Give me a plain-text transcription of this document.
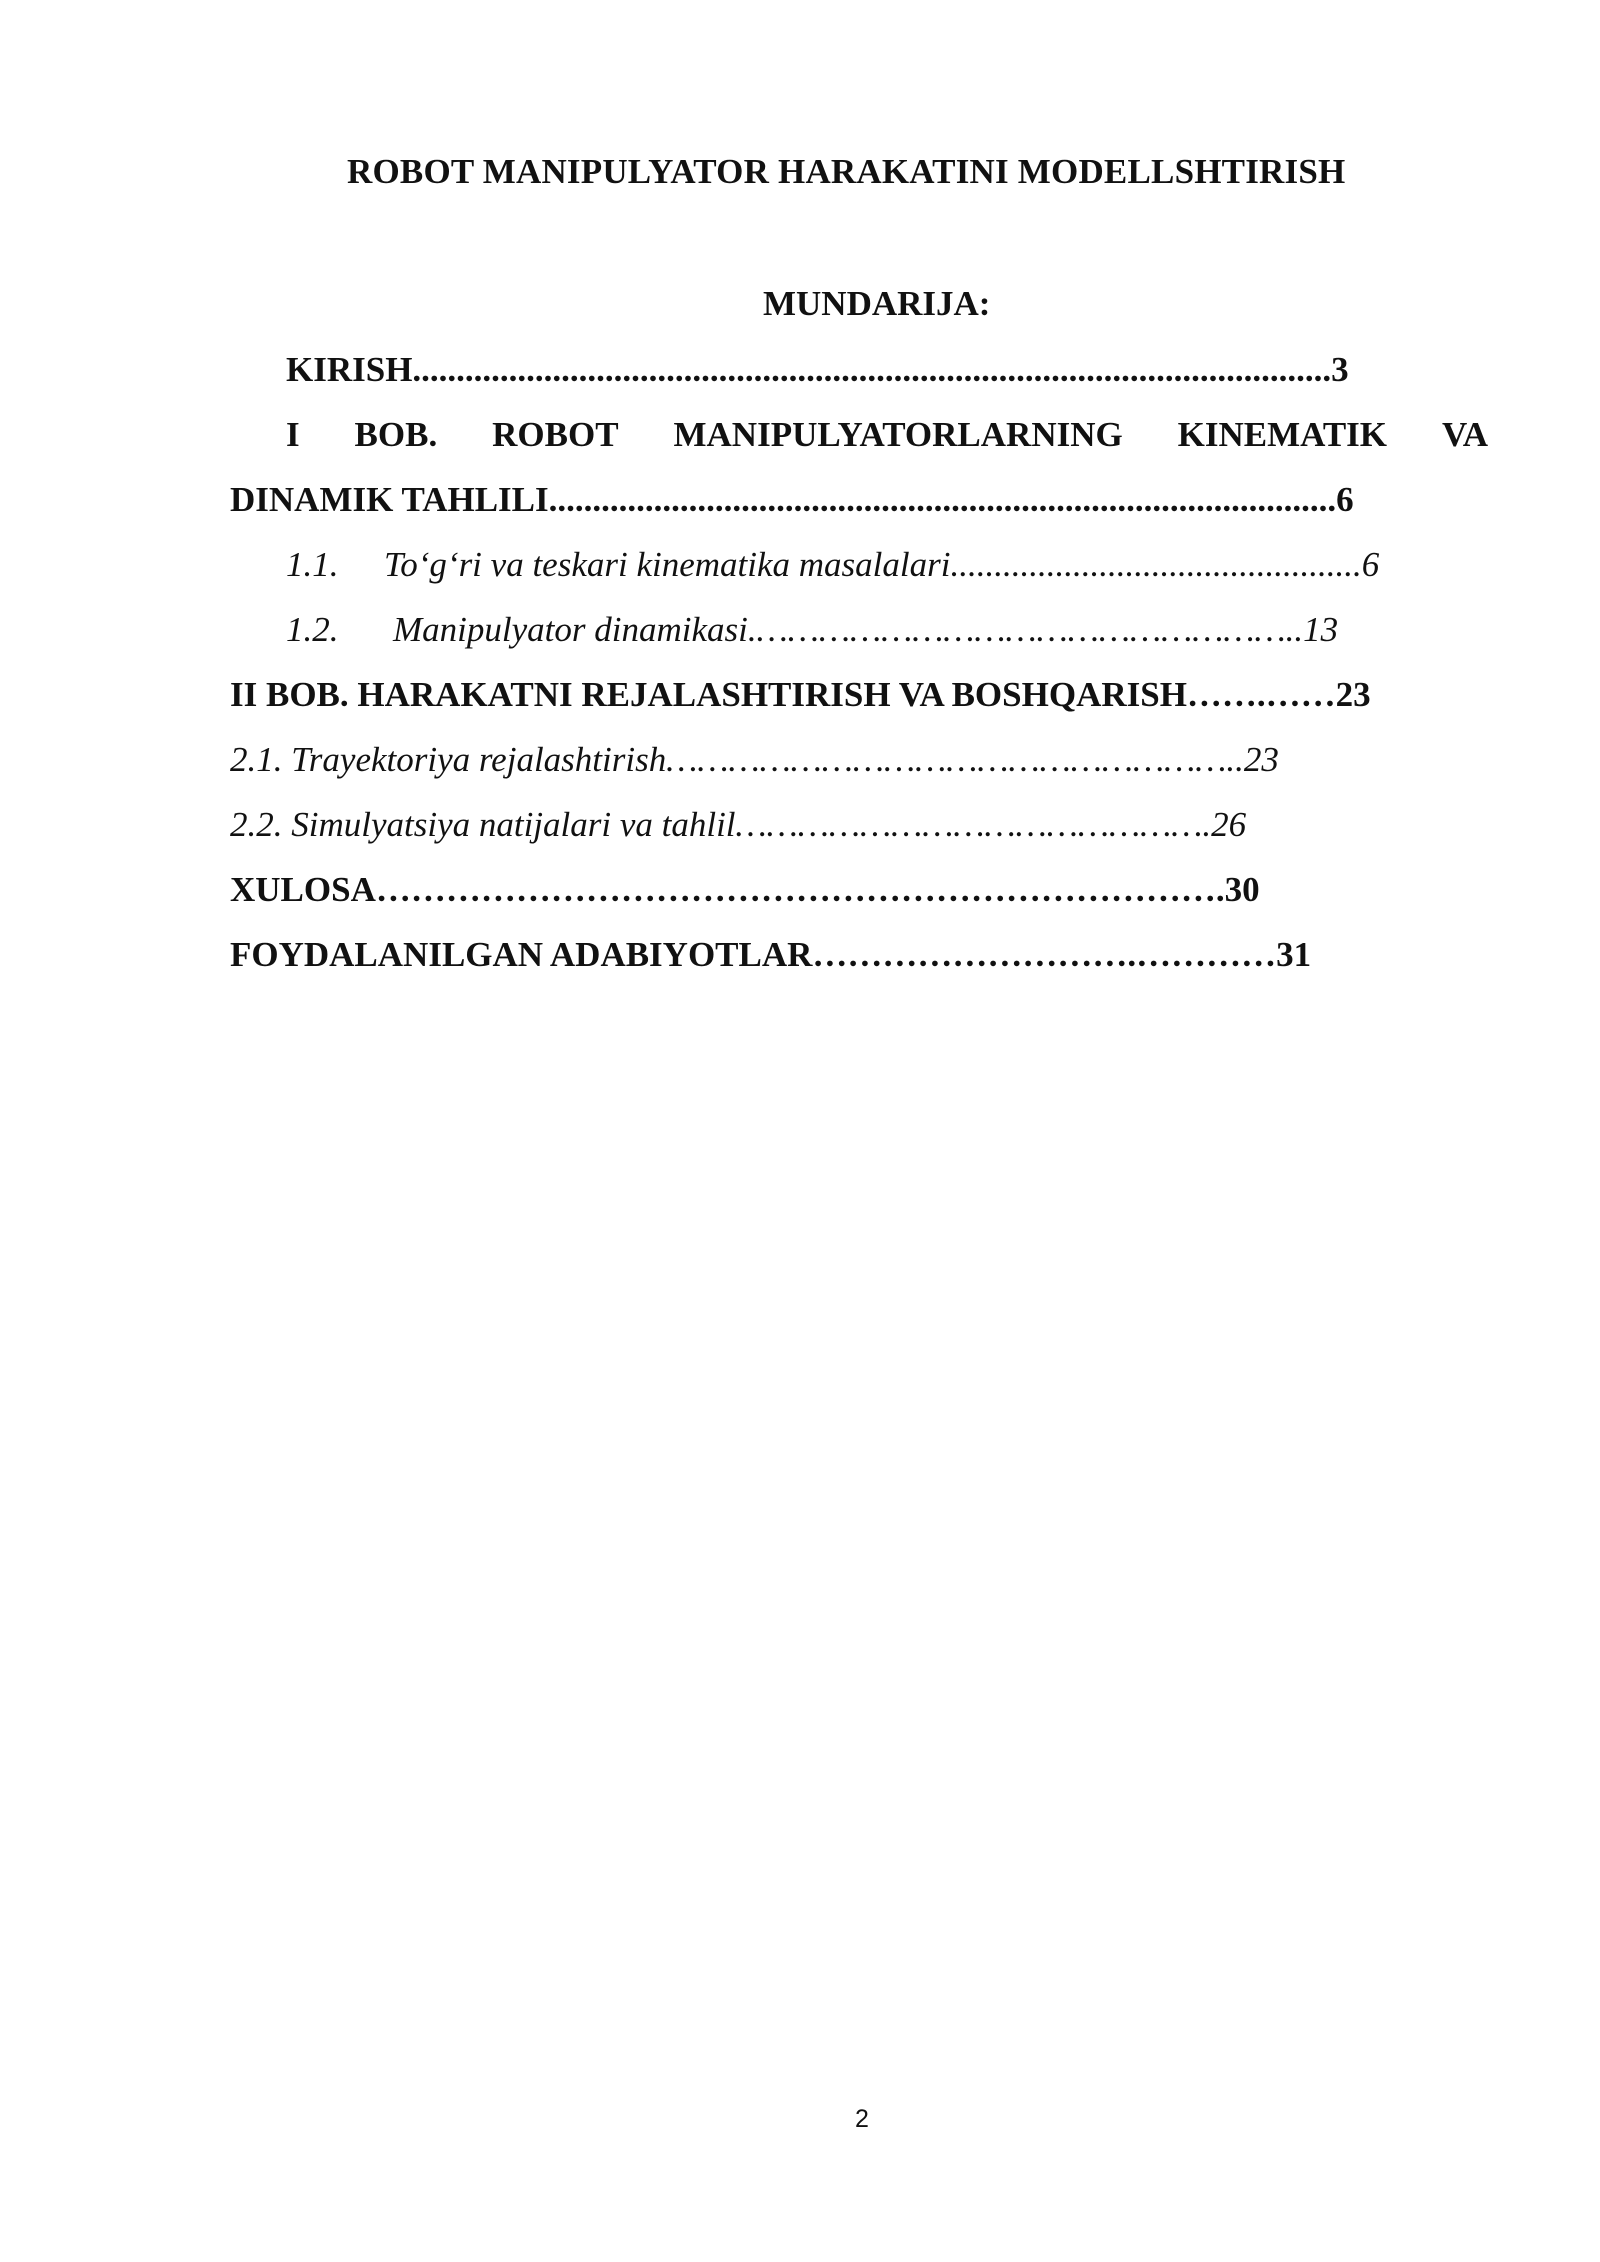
ROBOT MANIPULYATOR HARAKATINI MODELLSHTIRISH
MUNDARIJA:
KIRISH.........................................................................................................3
I BOB. ROBOT MANIPULYATORLARNING KINEMATIK VA
DINAMIK TAHLILI..........................................................................................6
1.1. To‘g‘ri va teskari kinematika masalalari...............................................6
1.2. Manipulyator dinamikasi.……………………………………………..13
II BOB. HARAKATNI REJALASHTIRISH VA BOSHQARISH…….……23
2.1. Trayektoriya rejalashtirish………………………………………………..23
2.2. Simulyatsiya natijalari va tahlil……………………………………….26
XULOSA……………………………………………………………….30
FOYDALANILGAN ADABIYOTLAR……………………….…………31
2
